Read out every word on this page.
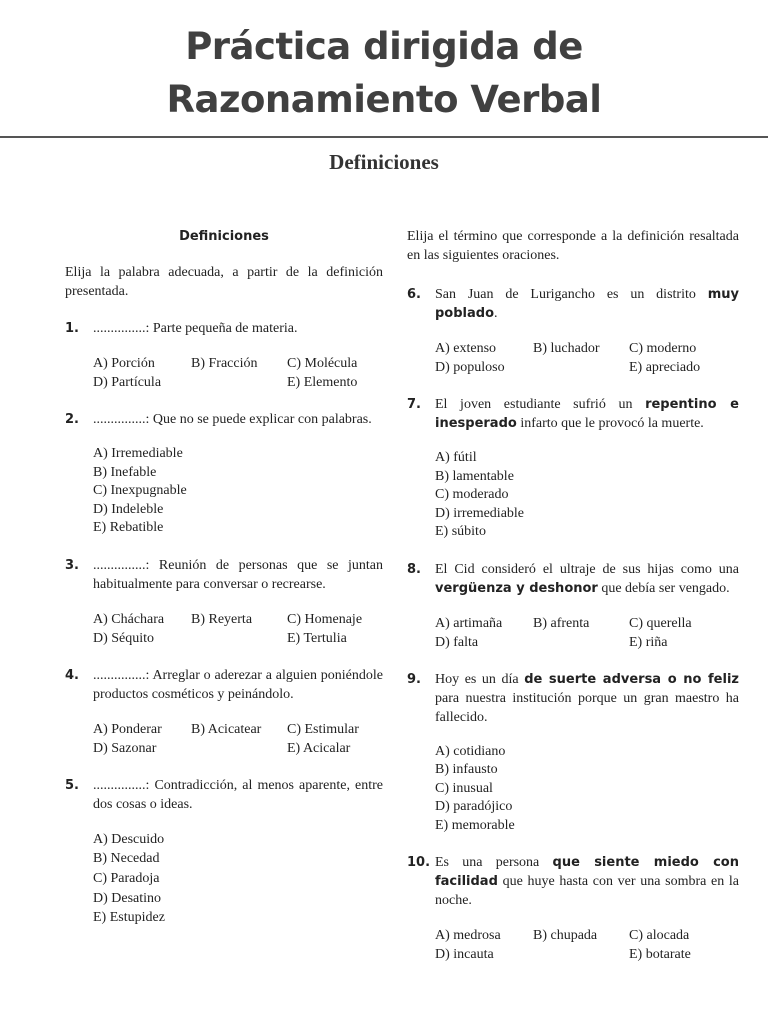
Práctica dirigida de
Razonamiento Verbal
Definiciones

Definiciones

Elija la palabra adecuada, a partir de la definición presentada.

1.	...............: Parte pequeña de materia.
A) Porción	B) Fracción	C) Molécula
D) Partícula	E) Elemento
2.	...............: Que no se puede explicar con palabras.
A) Irremediable
B) Inefable
C) Inexpugnable
D) Indeleble
E) Rebatible
3.	...............: Reunión de personas que se juntan habitualmente para conversar o recrearse.
A) Cháchara	B) Reyerta	C) Homenaje
D) Séquito	E) Tertulia
4.	...............: Arreglar o aderezar a alguien poniéndole productos cosméticos y peinándolo.
A) Ponderar	B) Acicatear	C) Estimular
D) Sazonar	E) Acicalar
5.	...............: Contradicción, al menos aparente, entre dos cosas o ideas.
A) Descuido
B) Necedad
C) Paradoja
D) Desatino
E) Estupidez

Elija el término que corresponde a la definición resaltada en las siguientes oraciones.

6.	San Juan de Lurigancho es un distrito muy poblado.
A) extenso	B) luchador	C) moderno
D) populoso	E) apreciado
7.	El joven estudiante sufrió un repentino e inesperado infarto que le provocó la muerte.
A) fútil
B) lamentable
C) moderado
D) irremediable
E) súbito
8.	El Cid consideró el ultraje de sus hijas como una vergüenza y deshonor que debía ser vengado.
A) artimaña	B) afrenta	C) querella
D) falta	E) riña
9.	Hoy es un día de suerte adversa o no feliz para nuestra institución porque un gran maestro ha fallecido.
A) cotidiano
B) infausto
C) inusual
D) paradójico
E) memorable
10. Es una persona que siente miedo con facilidad que huye hasta con ver una sombra en la noche.
A) medrosa	B) chupada	C) alocada
D) incauta	E) botarate
